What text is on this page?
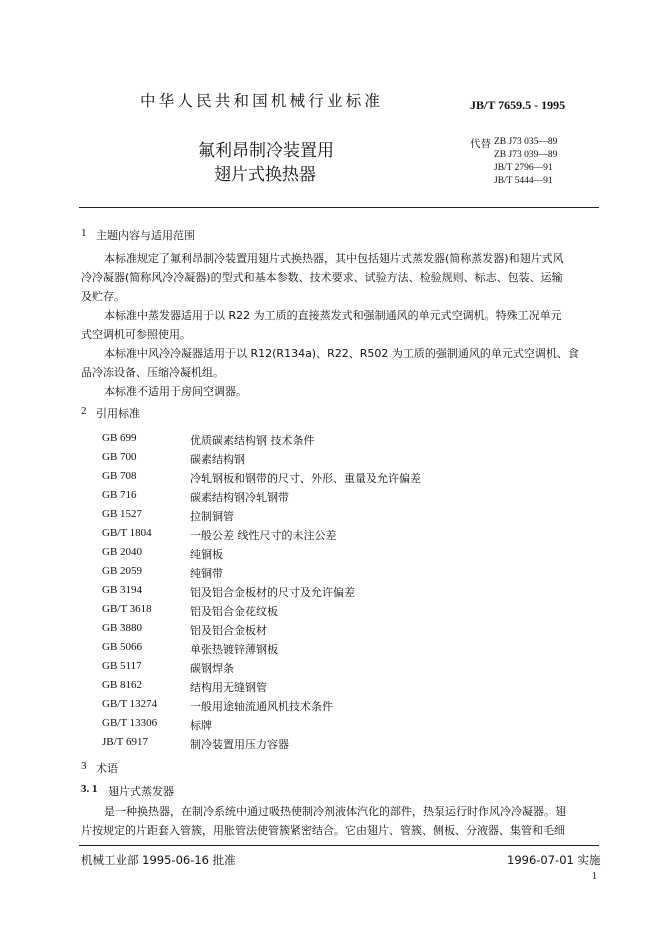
中华人民共和国机械行业标准	JB/T 7659.5 - 1995
氟利昂制冷装置用
翅片式换热器
代替 ZB J73 035—89
ZB J73 039—89
JB/T 2796—91
JB/T 5444—91
1 主题内容与适用范围
本标准规定了氟利昂制冷装置用翅片式换热器，其中包括翅片式蒸发器(简称蒸发器)和翅片式风
冷冷凝器(简称风冷冷凝器)的型式和基本参数、技术要求、试验方法、检验规则、标志、包装、运输
及贮存。
本标准中蒸发器适用于以 R22 为工质的直接蒸发式和强制通风的单元式空调机。特殊工况单元
式空调机可参照使用。
本标准中风冷冷凝器适用于以 R12(R134a)、R22、R502 为工质的强制通风的单元式空调机、食
品冷冻设备、压缩冷凝机组。
本标准不适用于房间空调器。
2 引用标准
GB 699	优质碳素结构钢 技术条件
GB 700	碳素结构钢
GB 708	冷轧钢板和钢带的尺寸、外形、重量及允许偏差
GB 716	碳素结构钢冷轧钢带
GB 1527	拉制铜管
GB/T 1804	一般公差 线性尺寸的未注公差
GB 2040	纯铜板
GB 2059	纯铜带
GB 3194	铝及铝合金板材的尺寸及允许偏差
GB/T 3618	铝及铝合金花纹板
GB 3880	铝及铝合金板材
GB 5066	单张热镀锌薄钢板
GB 5117	碳钢焊条
GB 8162	结构用无缝钢管
GB/T 13274	一般用途轴流通风机技术条件
GB/T 13306	标牌
JB/T 6917	制冷装置用压力容器
3 术语
3. 1 翅片式蒸发器
是一种换热器，在制冷系统中通过吸热使制冷剂液体汽化的部件，热泵运行时作风冷冷凝器。翅
片按规定的片距套入管簇，用胀管法使管簇紧密结合。它由翅片、管簇、侧板、分液器、集管和毛细
机械工业部 1995-06-16 批准	1996-07-01 实施
1
